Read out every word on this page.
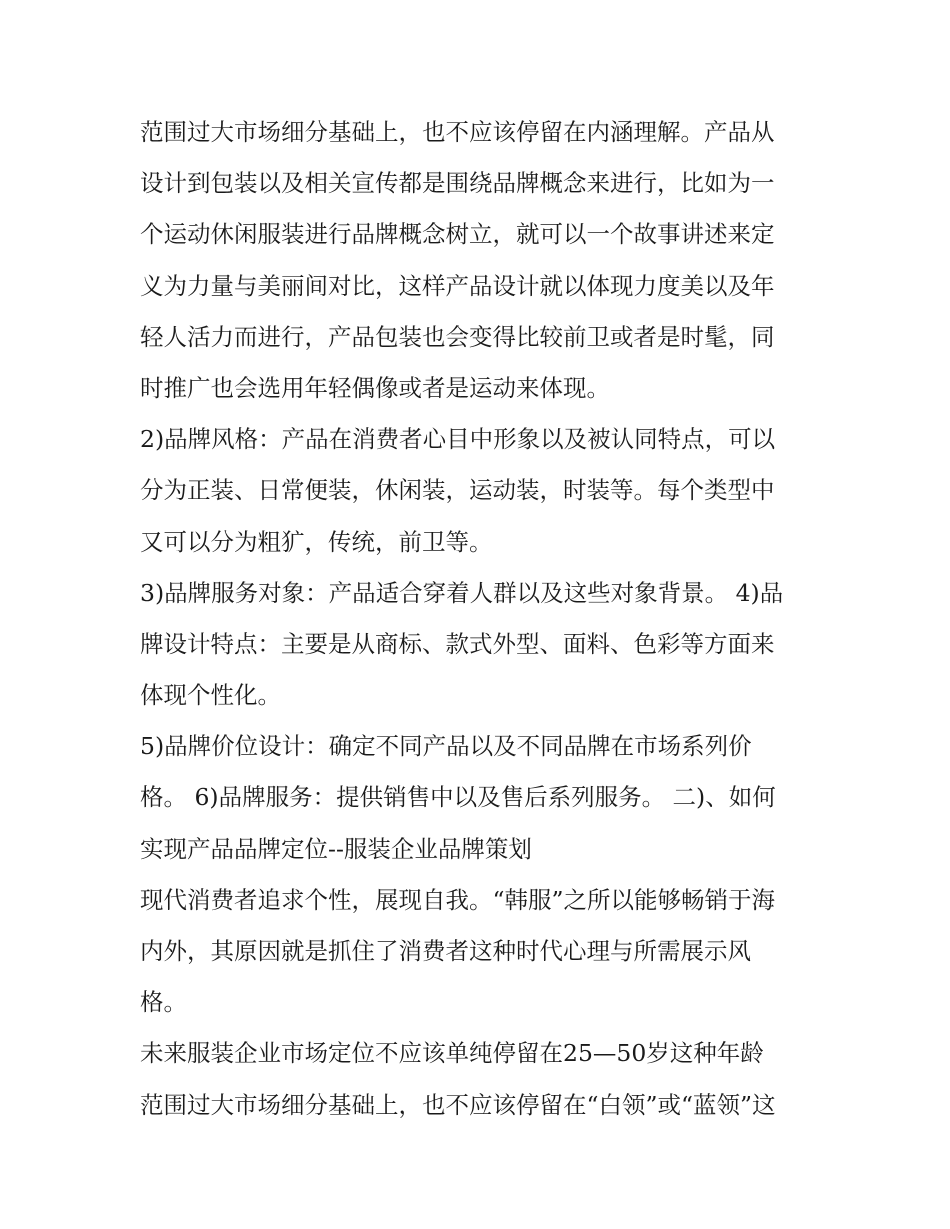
范围过大市场细分基础上，也不应该停留在内涵理解。产品从
设计到包装以及相关宣传都是围绕品牌概念来进行，比如为一
个运动休闲服装进行品牌概念树立，就可以一个故事讲述来定
义为力量与美丽间对比，这样产品设计就以体现力度美以及年
轻人活力而进行，产品包装也会变得比较前卫或者是时髦，同
时推广也会选用年轻偶像或者是运动来体现。
2)品牌风格：产品在消费者心目中形象以及被认同特点，可以
分为正装、日常便装，休闲装，运动装，时装等。每个类型中
又可以分为粗犷，传统，前卫等。
3)品牌服务对象：产品适合穿着人群以及这些对象背景。 4)品
牌设计特点：主要是从商标、款式外型、面料、色彩等方面来
体现个性化。
5)品牌价位设计：确定不同产品以及不同品牌在市场系列价
格。 6)品牌服务：提供销售中以及售后系列服务。 二)、如何
实现产品品牌定位--服装企业品牌策划
现代消费者追求个性，展现自我。“韩服”之所以能够畅销于海
内外，其原因就是抓住了消费者这种时代心理与所需展示风
格。
未来服装企业市场定位不应该单纯停留在25—50岁这种年龄
范围过大市场细分基础上，也不应该停留在“白领”或“蓝领”这
